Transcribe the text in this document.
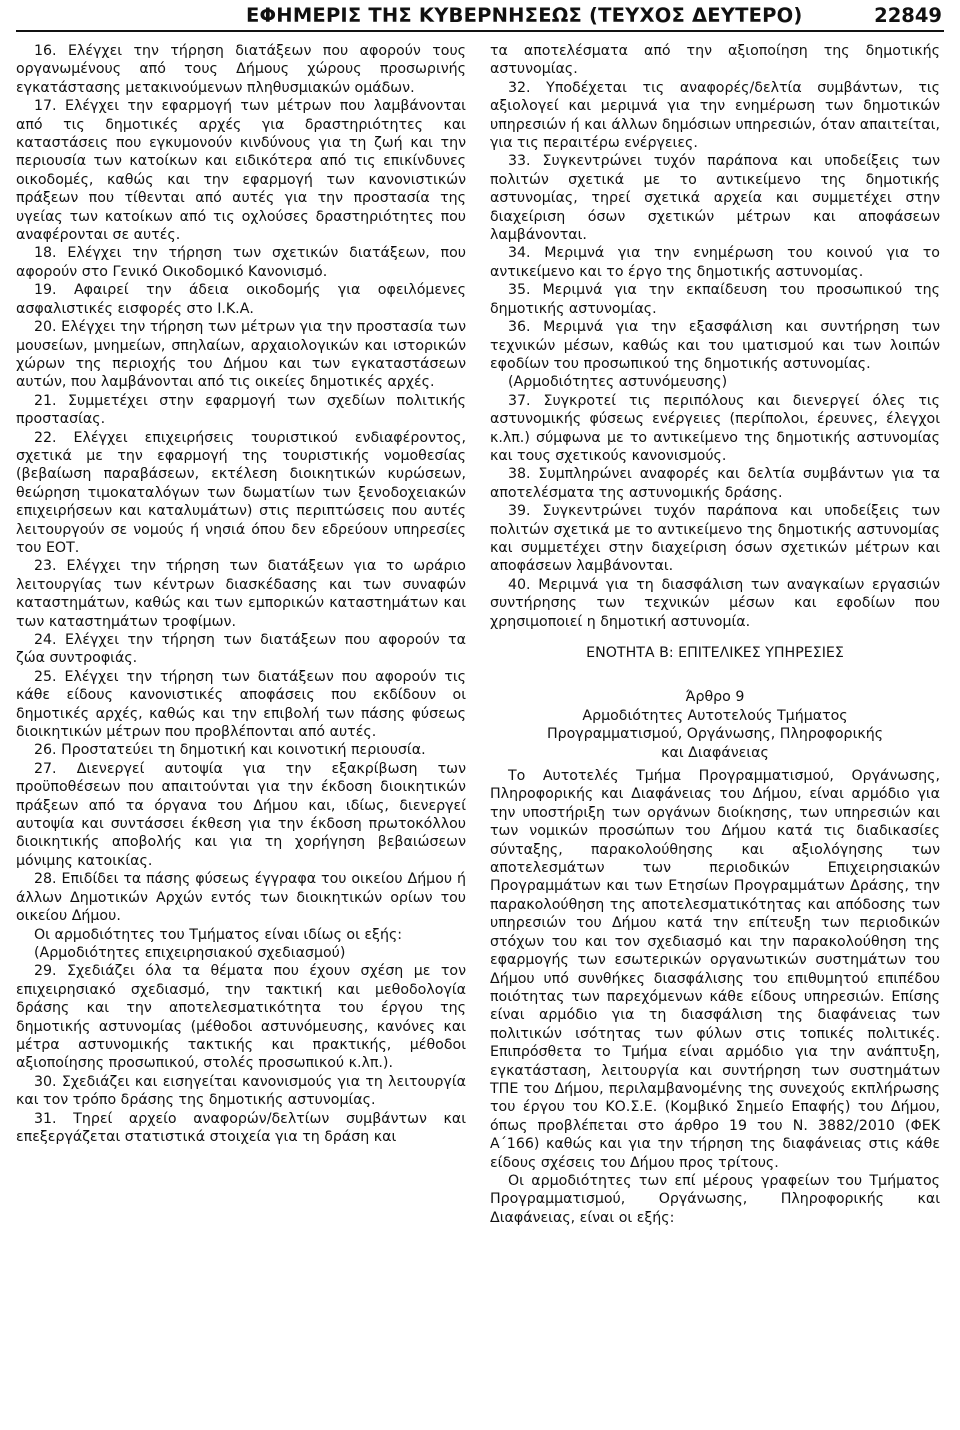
ΕΦΗΜΕΡΙΣ ΤΗΣ ΚΥΒΕΡΝΗΣΕΩΣ (ΤΕΥΧΟΣ ΔΕΥΤΕΡΟ)	22849

16. Ελέγχει την τήρηση διατάξεων που αφορούν τους οργανωμένους από τους Δήμους χώρους προσωρινής εγκατάστασης μετακινούμενων πληθυσμιακών ομάδων.

17. Ελέγχει την εφαρμογή των μέτρων που λαμβάνονται από τις δημοτικές αρχές για δραστηριότητες και καταστάσεις που εγκυμονούν κινδύνους για τη ζωή και την περιουσία των κατοίκων και ειδικότερα από τις επικίνδυνες οικοδομές, καθώς και την εφαρμογή των κανονιστικών πράξεων που τίθενται από αυτές για την προστασία της υγείας των κατοίκων από τις οχλούσες δραστηριότητες που αναφέρονται σε αυτές.

18. Ελέγχει την τήρηση των σχετικών διατάξεων, που αφορούν στο Γενικό Οικοδομικό Κανονισμό.

19. Αφαιρεί την άδεια οικοδομής για οφειλόμενες ασφαλιστικές εισφορές στο Ι.Κ.Α.

20. Ελέγχει την τήρηση των μέτρων για την προστασία των μουσείων, μνημείων, σπηλαίων, αρχαιολογικών και ιστορικών χώρων της περιοχής του Δήμου και των εγκαταστάσεων αυτών, που λαμβάνονται από τις οικείες δημοτικές αρχές.

21. Συμμετέχει στην εφαρμογή των σχεδίων πολιτικής προστασίας.

22. Ελέγχει επιχειρήσεις τουριστικού ενδιαφέροντος, σχετικά με την εφαρμογή της τουριστικής νομοθεσίας (βεβαίωση παραβάσεων, εκτέλεση διοικητικών κυρώσεων, θεώρηση τιμοκαταλόγων των δωματίων των ξενοδοχειακών επιχειρήσεων και καταλυμάτων) στις περιπτώσεις που αυτές λειτουργούν σε νομούς ή νησιά όπου δεν εδρεύουν υπηρεσίες του ΕΟΤ.

23. Ελέγχει την τήρηση των διατάξεων για το ωράριο λειτουργίας των κέντρων διασκέδασης και των συναφών καταστημάτων, καθώς και των εμπορικών καταστημάτων και των καταστημάτων τροφίμων.

24. Ελέγχει την τήρηση των διατάξεων που αφορούν τα ζώα συντροφιάς.

25. Ελέγχει την τήρηση των διατάξεων που αφορούν τις κάθε είδους κανονιστικές αποφάσεις που εκδίδουν οι δημοτικές αρχές, καθώς και την επιβολή των πάσης φύσεως διοικητικών μέτρων που προβλέπονται από αυτές.

26. Προστατεύει τη δημοτική και κοινοτική περιουσία.

27. Διενεργεί αυτοψία για την εξακρίβωση των προϋποθέσεων που απαιτούνται για την έκδοση διοικητικών πράξεων από τα όργανα του Δήμου και, ιδίως, διενεργεί αυτοψία και συντάσσει έκθεση για την έκδοση πρωτοκόλλου διοικητικής αποβολής και για τη χορήγηση βεβαιώσεων μόνιμης κατοικίας.

28. Επιδίδει τα πάσης φύσεως έγγραφα του οικείου Δήμου ή άλλων Δημοτικών Αρχών εντός των διοικητικών ορίων του οικείου Δήμου.

Οι αρμοδιότητες του Τμήματος είναι ιδίως οι εξής:

(Αρμοδιότητες επιχειρησιακού σχεδιασμού)

29. Σχεδιάζει όλα τα θέματα που έχουν σχέση με τον επιχειρησιακό σχεδιασμό, την τακτική και μεθοδολογία δράσης και την αποτελεσματικότητα του έργου της δημοτικής αστυνομίας (μέθοδοι αστυνόμευσης, κανόνες και μέτρα αστυνομικής τακτικής και πρακτικής, μέθοδοι αξιοποίησης προσωπικού, στολές προσωπικού κ.λπ.).

30. Σχεδιάζει και εισηγείται κανονισμούς για τη λειτουργία και τον τρόπο δράσης της δημοτικής αστυνομίας.

31. Τηρεί αρχείο αναφορών/δελτίων συμβάντων και επεξεργάζεται στατιστικά στοιχεία για τη δράση και

τα αποτελέσματα από την αξιοποίηση της δημοτικής αστυνομίας.

32. Υποδέχεται τις αναφορές/δελτία συμβάντων, τις αξιολογεί και μεριμνά για την ενημέρωση των δημοτικών υπηρεσιών ή και άλλων δημόσιων υπηρεσιών, όταν απαιτείται, για τις περαιτέρω ενέργειες.

33. Συγκεντρώνει τυχόν παράπονα και υποδείξεις των πολιτών σχετικά με το αντικείμενο της δημοτικής αστυνομίας, τηρεί σχετικά αρχεία και συμμετέχει στην διαχείριση όσων σχετικών μέτρων και αποφάσεων λαμβάνονται.

34. Μεριμνά για την ενημέρωση του κοινού για το αντικείμενο και το έργο της δημοτικής αστυνομίας.

35. Μεριμνά για την εκπαίδευση του προσωπικού της δημοτικής αστυνομίας.

36. Μεριμνά για την εξασφάλιση και συντήρηση των τεχνικών μέσων, καθώς και του ιματισμού και των λοιπών εφοδίων του προσωπικού της δημοτικής αστυνομίας.

(Αρμοδιότητες αστυνόμευσης)

37. Συγκροτεί τις περιπόλους και διενεργεί όλες τις αστυνομικής φύσεως ενέργειες (περίπολοι, έρευνες, έλεγχοι κ.λπ.) σύμφωνα με το αντικείμενο της δημοτικής αστυνομίας και τους σχετικούς κανονισμούς.

38. Συμπληρώνει αναφορές και δελτία συμβάντων για τα αποτελέσματα της αστυνομικής δράσης.

39. Συγκεντρώνει τυχόν παράπονα και υποδείξεις των πολιτών σχετικά με το αντικείμενο της δημοτικής αστυνομίας και συμμετέχει στην διαχείριση όσων σχετικών μέτρων και αποφάσεων λαμβάνονται.

40. Μεριμνά για τη διασφάλιση των αναγκαίων εργασιών συντήρησης των τεχνικών μέσων και εφοδίων που χρησιμοποιεί η δημοτική αστυνομία.

ΕΝΟΤΗΤΑ Β: ΕΠΙΤΕΛΙΚΕΣ ΥΠΗΡΕΣΙΕΣ

Άρθρο 9

Αρμοδιότητες Αυτοτελούς Τμήματος

Προγραμματισμού, Οργάνωσης, Πληροφορικής

και Διαφάνειας

Το Αυτοτελές Τμήμα Προγραμματισμού, Οργάνωσης, Πληροφορικής και Διαφάνειας του Δήμου, είναι αρμόδιο για την υποστήριξη των οργάνων διοίκησης, των υπηρεσιών και των νομικών προσώπων του Δήμου κατά τις διαδικασίες σύνταξης, παρακολούθησης και αξιολόγησης των αποτελεσμάτων των περιοδικών Επιχειρησιακών Προγραμμάτων και των Ετησίων Προγραμμάτων Δράσης, την παρακολούθηση της αποτελεσματικότητας και απόδοσης των υπηρεσιών του Δήμου κατά την επίτευξη των περιοδικών στόχων του και τον σχεδιασμό και την παρακολούθηση της εφαρμογής των εσωτερικών οργανωτικών συστημάτων του Δήμου υπό συνθήκες διασφάλισης του επιθυμητού επιπέδου ποιότητας των παρεχόμενων κάθε είδους υπηρεσιών. Επίσης είναι αρμόδιο για τη διασφάλιση της διαφάνειας των πολιτικών ισότητας των φύλων στις τοπικές πολιτικές. Επιπρόσθετα το Τμήμα είναι αρμόδιο για την ανάπτυξη, εγκατάσταση, λειτουργία και συντήρηση των συστημάτων ΤΠΕ του Δήμου, περιλαμβανομένης της συνεχούς εκπλήρωσης του έργου του ΚΟ.Σ.Ε. (Κομβικό Σημείο Επαφής) του Δήμου, όπως προβλέπεται στο άρθρο 19 του Ν. 3882/2010 (ΦΕΚ Α΄166) καθώς και για την τήρηση της διαφάνειας στις κάθε είδους σχέσεις του Δήμου προς τρίτους.

Οι αρμοδιότητες των επί μέρους γραφείων του Τμήματος Προγραμματισμού, Οργάνωσης, Πληροφορικής και Διαφάνειας, είναι οι εξής:
